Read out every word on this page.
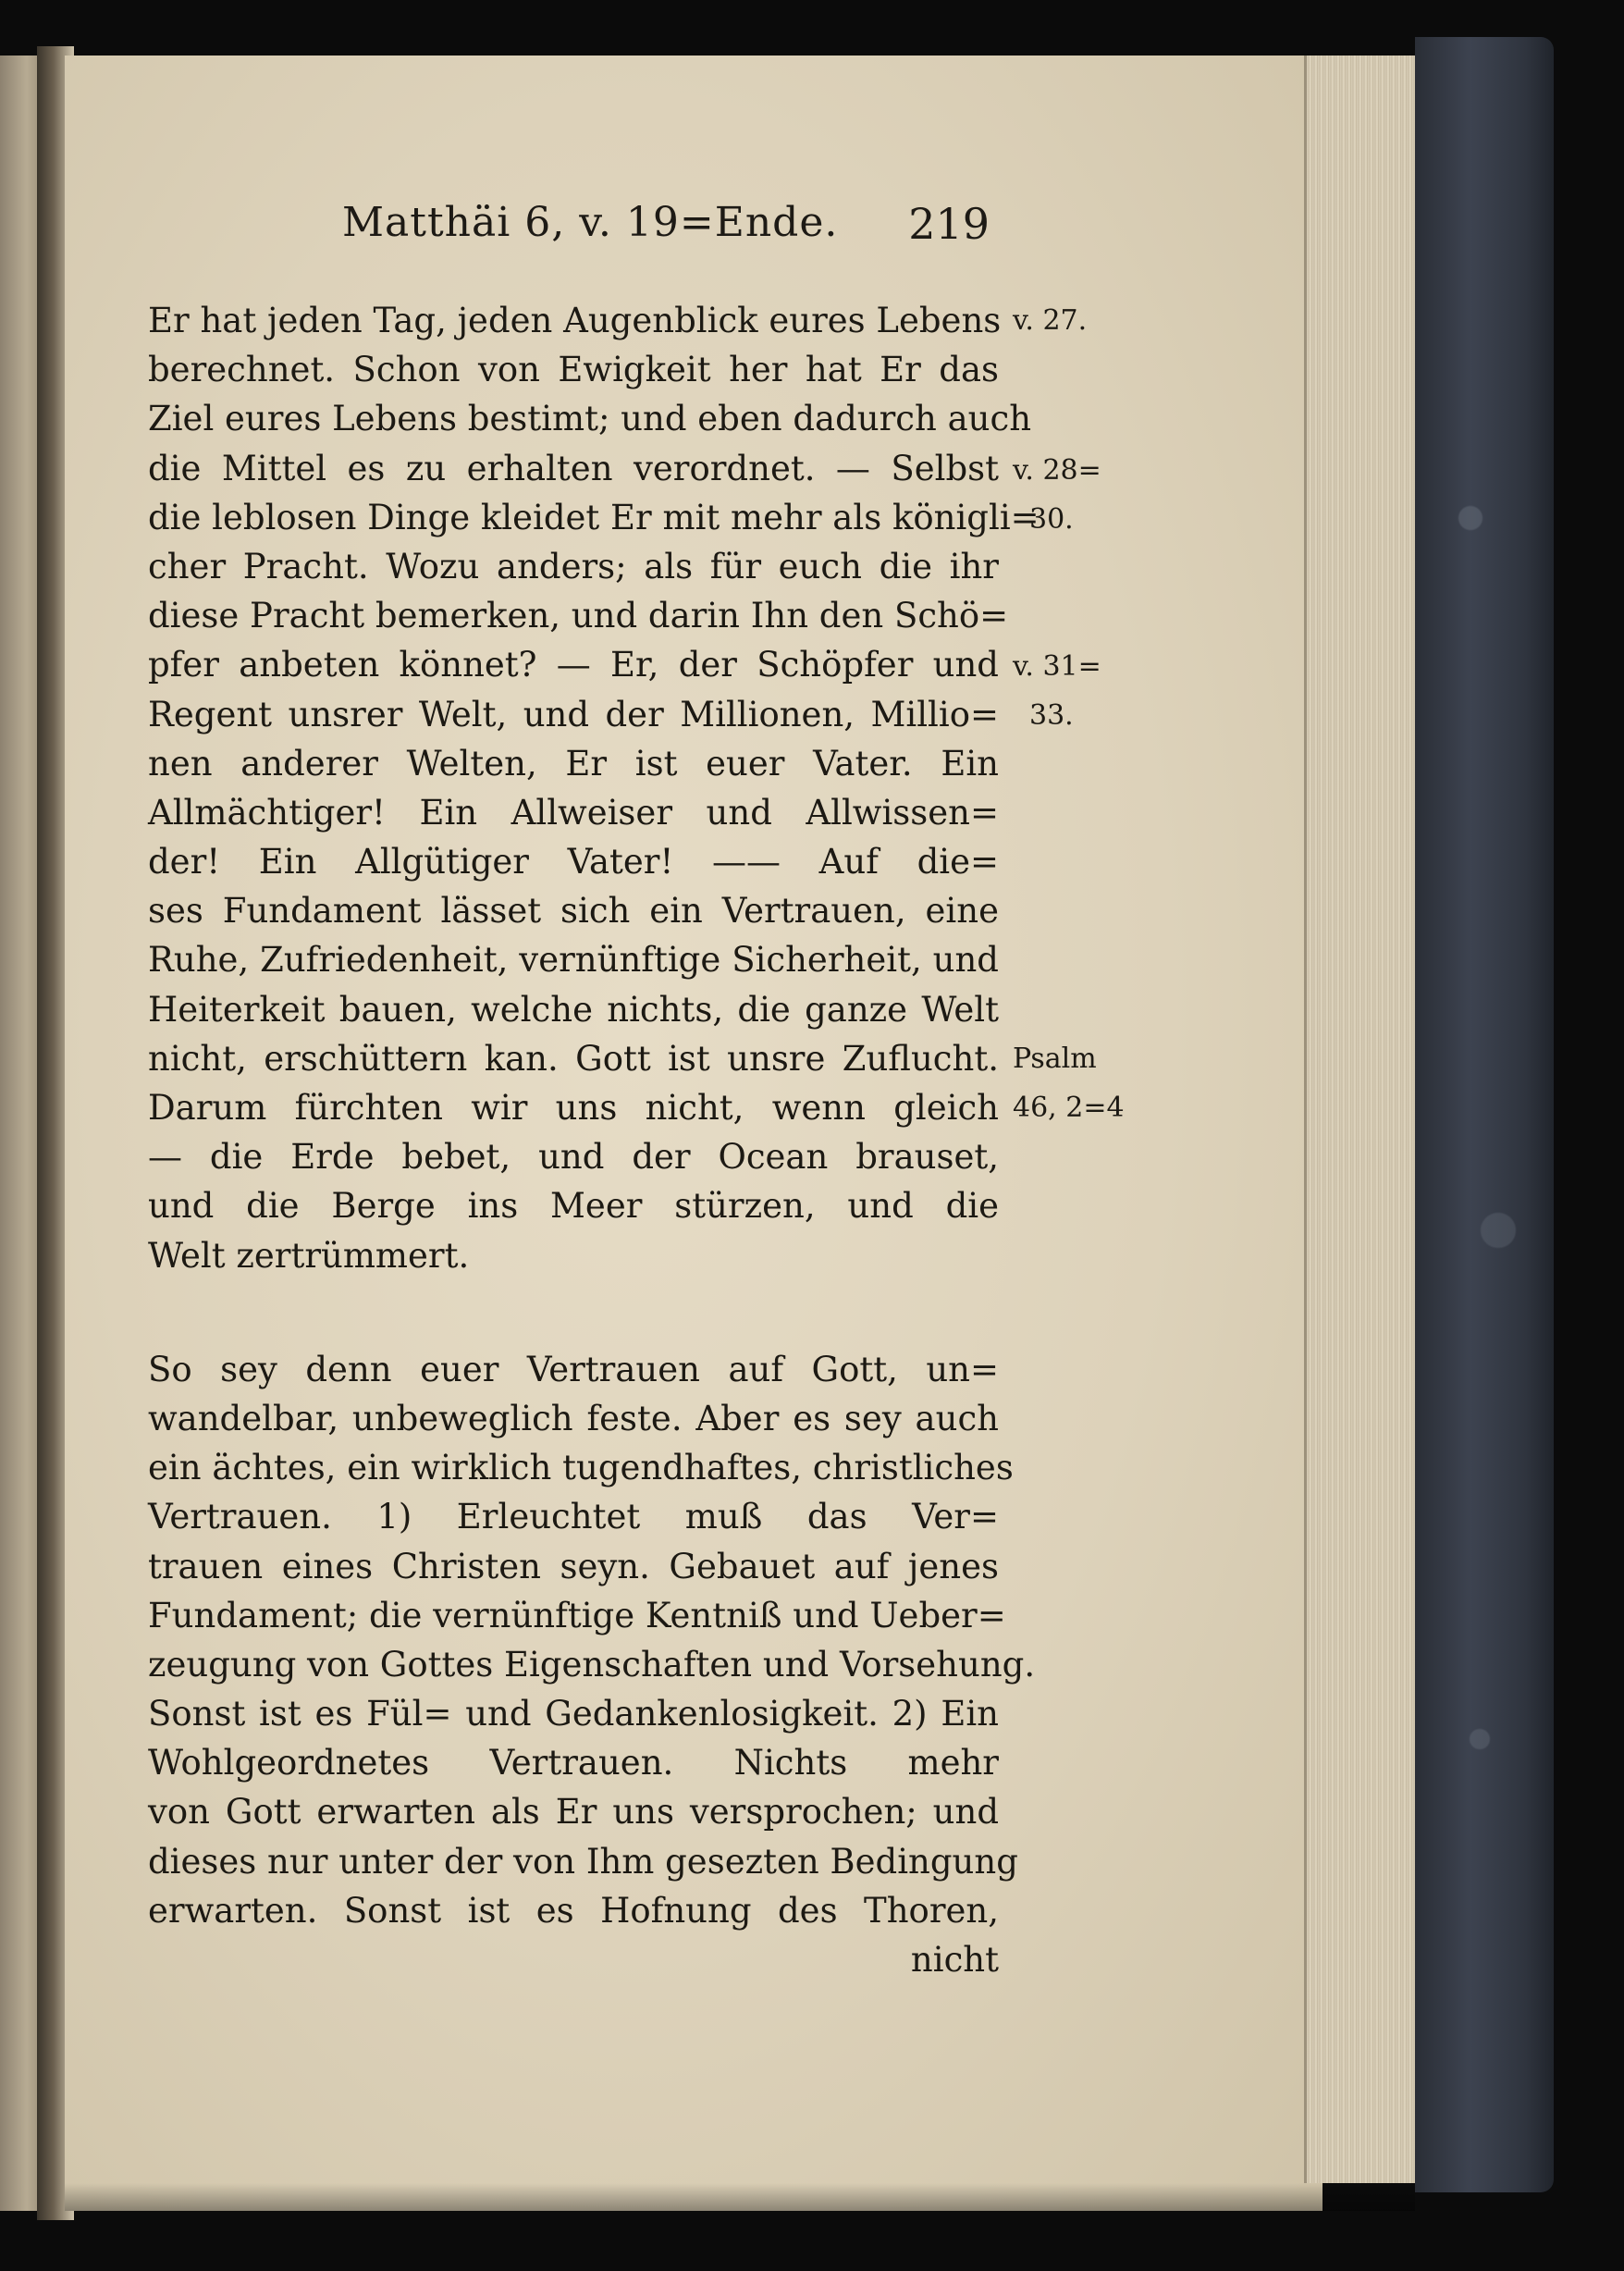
Matthäi 6, v. 19=Ende. 219
Er hat jeden Tag, jeden Augenblick eures Lebens
berechnet. Schon von Ewigkeit her hat Er das
Ziel eures Lebens bestimt; und eben dadurch auch
die Mittel es zu erhalten verordnet. — Selbst
die leblosen Dinge kleidet Er mit mehr als königli=
cher Pracht. Wozu anders; als für euch die ihr
diese Pracht bemerken, und darin Ihn den Schö=
pfer anbeten könnet? — Er, der Schöpfer und
Regent unsrer Welt, und der Millionen, Millio=
nen anderer Welten, Er ist euer Vater. Ein
Allmächtiger! Ein Allweiser und Allwissen=
der! Ein Allgütiger Vater! —— Auf die=
ses Fundament lässet sich ein Vertrauen, eine
Ruhe, Zufriedenheit, vernünftige Sicherheit, und
Heiterkeit bauen, welche nichts, die ganze Welt
nicht, erschüttern kan. Gott ist unsre Zuflucht.
Darum fürchten wir uns nicht, wenn gleich
— die Erde bebet, und der Ocean brauset,
und die Berge ins Meer stürzen, und die
Welt zertrümmert.
So sey denn euer Vertrauen auf Gott, un=
wandelbar, unbeweglich feste. Aber es sey auch
ein ächtes, ein wirklich tugendhaftes, christliches
Vertrauen. 1) Erleuchtet muß das Ver=
trauen eines Christen seyn. Gebauet auf jenes
Fundament; die vernünftige Kentniß und Ueber=
zeugung von Gottes Eigenschaften und Vorsehung.
Sonst ist es Fül= und Gedankenlosigkeit. 2) Ein
Wohlgeordnetes Vertrauen. Nichts mehr
von Gott erwarten als Er uns versprochen; und
dieses nur unter der von Ihm gesezten Bedingung
erwarten. Sonst ist es Hofnung des Thoren,
nicht
v. 27.
v. 28=
30.
v. 31=
33.
Psalm
46, 2=4
